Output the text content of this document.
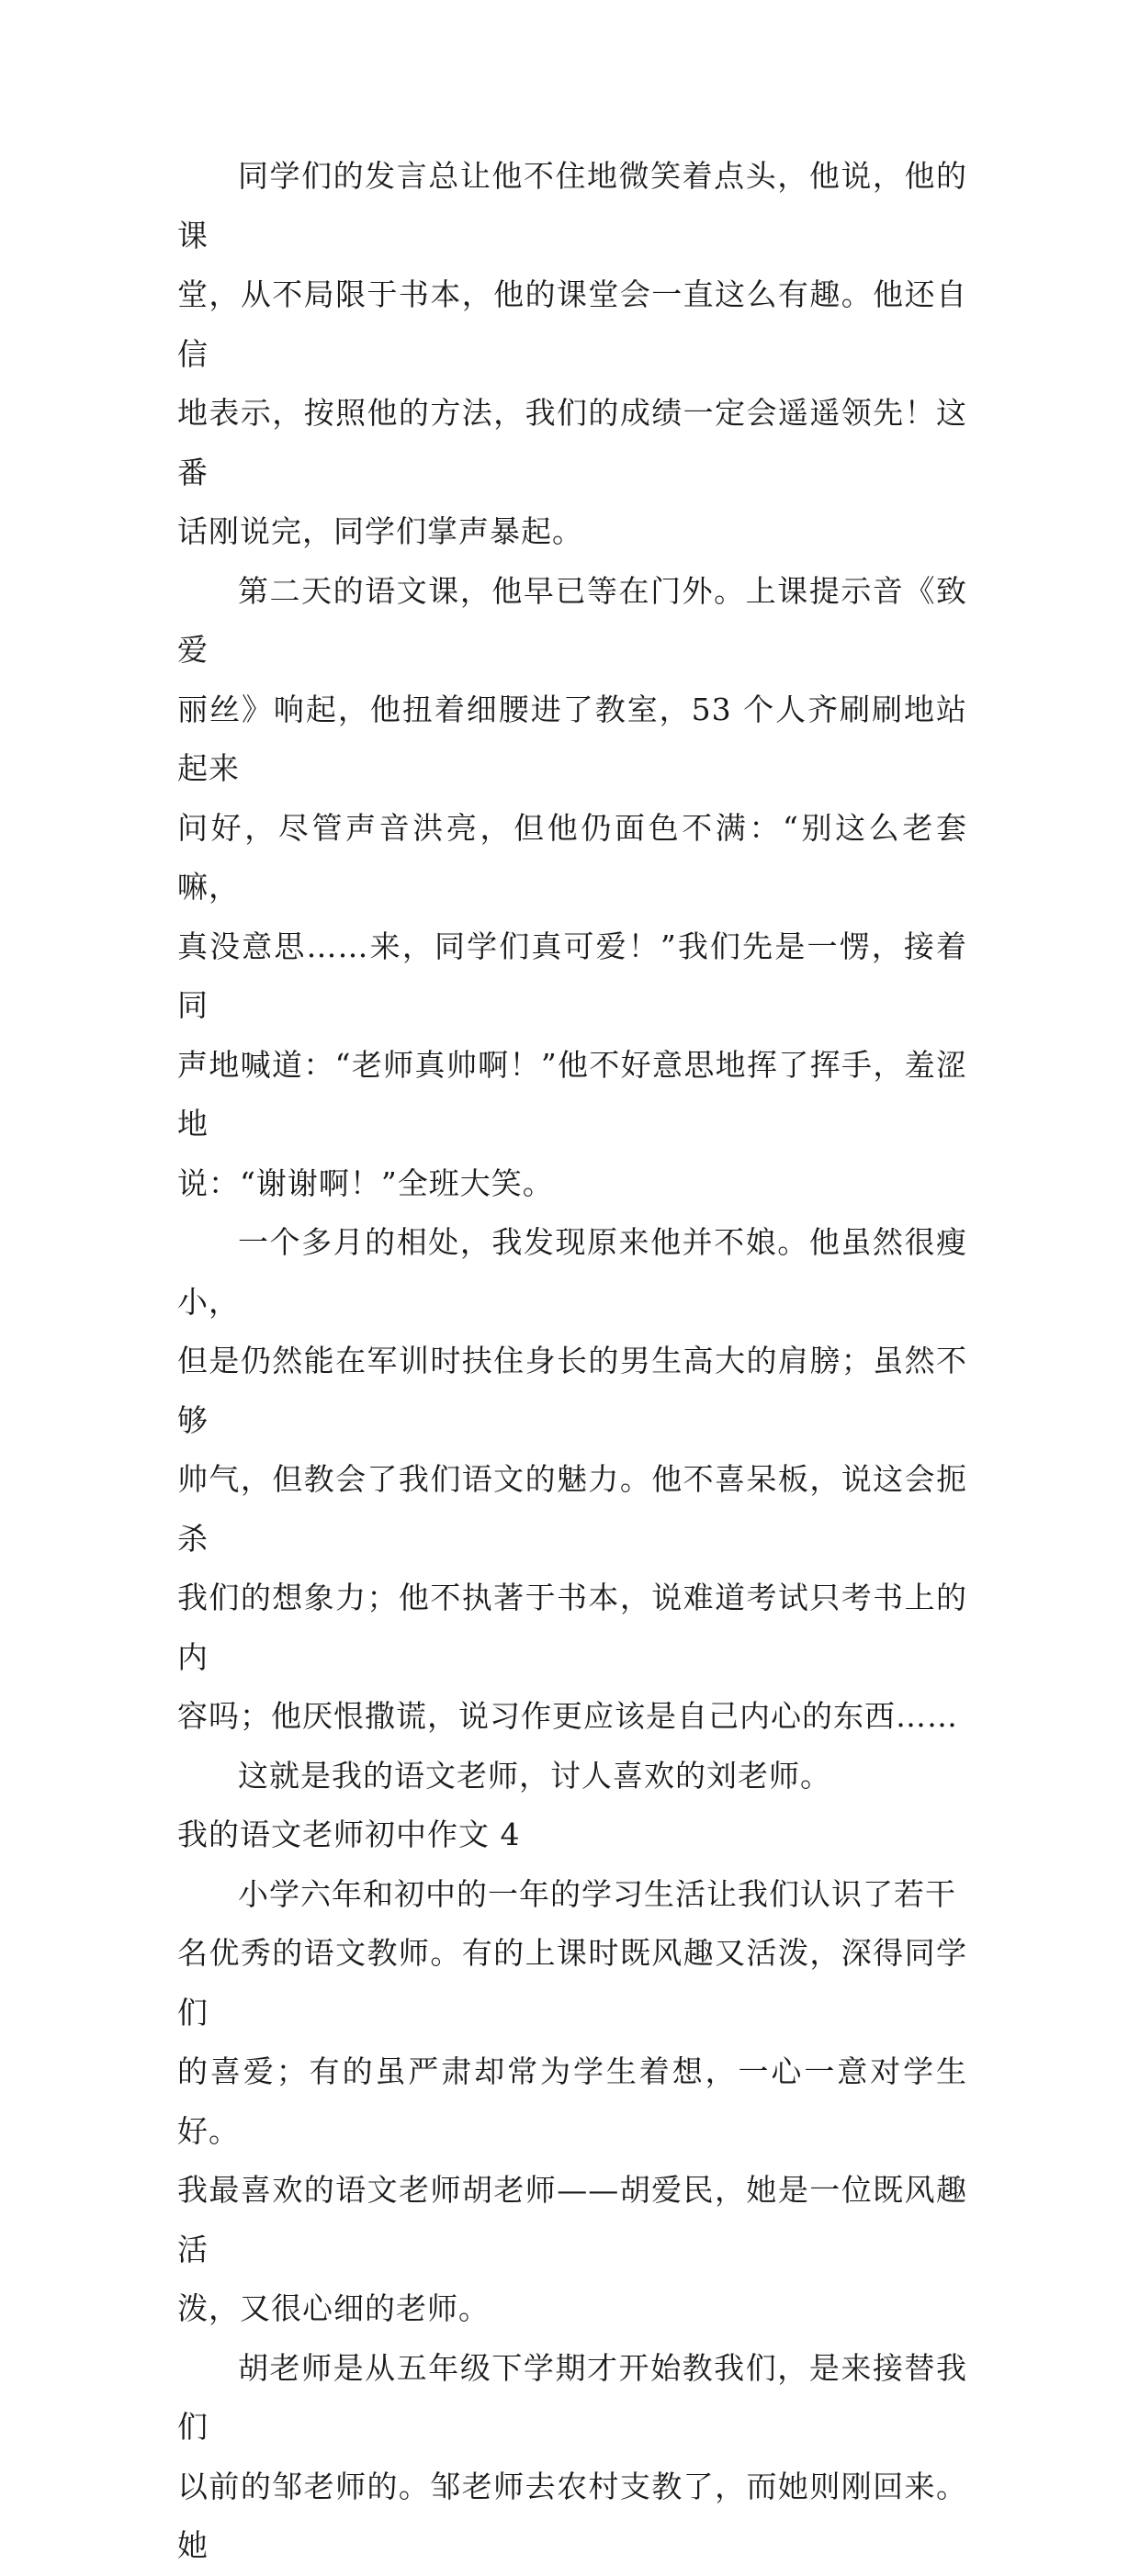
同学们的发言总让他不住地微笑着点头，他说，他的课
堂，从不局限于书本，他的课堂会一直这么有趣。他还自信
地表示，按照他的方法，我们的成绩一定会遥遥领先！这番
话刚说完，同学们掌声暴起。

第二天的语文课，他早已等在门外。上课提示音《致爱
丽丝》响起，他扭着细腰进了教室，53 个人齐刷刷地站起来
问好，尽管声音洪亮，但他仍面色不满：“别这么老套嘛，
真没意思……来，同学们真可爱！”我们先是一愣，接着同
声地喊道：“老师真帅啊！”他不好意思地挥了挥手，羞涩地
说：“谢谢啊！”全班大笑。

一个多月的相处，我发现原来他并不娘。他虽然很瘦小，
但是仍然能在军训时扶住身长的男生高大的肩膀；虽然不够
帅气，但教会了我们语文的魅力。他不喜呆板，说这会扼杀
我们的想象力；他不执著于书本，说难道考试只考书上的内
容吗；他厌恨撒谎，说习作更应该是自己内心的东西……

这就是我的语文老师，讨人喜欢的刘老师。

我的语文老师初中作文 4

小学六年和初中的一年的学习生活让我们认识了若干
名优秀的语文教师。有的上课时既风趣又活泼，深得同学们
的喜爱；有的虽严肃却常为学生着想，一心一意对学生好。
我最喜欢的语文老师胡老师——胡爱民，她是一位既风趣活
泼，又很心细的老师。

胡老师是从五年级下学期才开始教我们，是来接替我们
以前的邹老师的。邹老师去农村支教了，而她则刚回来。她
